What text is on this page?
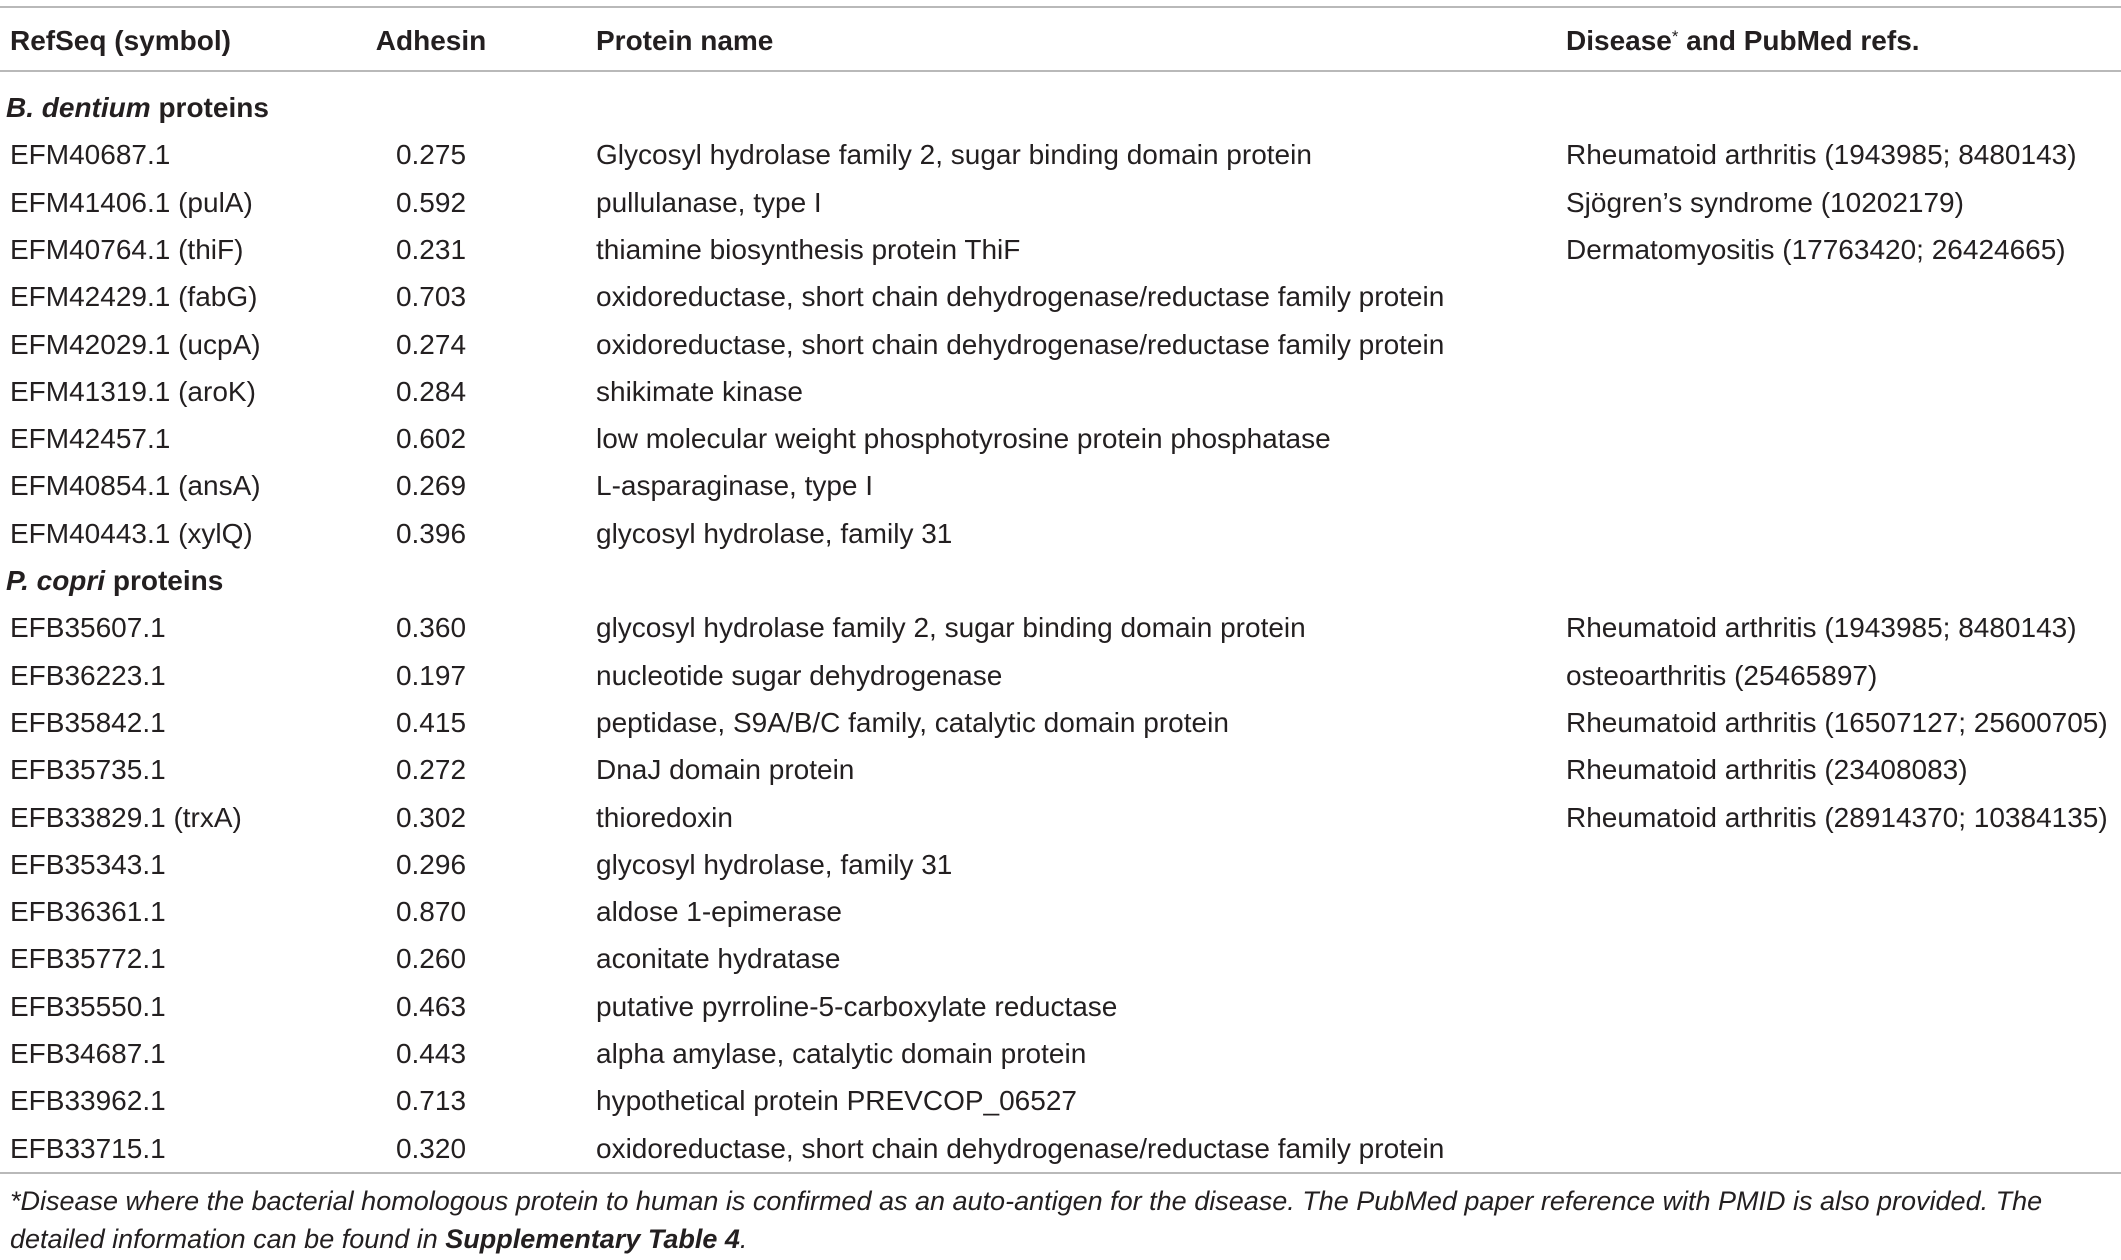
RefSeq (symbol)	Adhesin	Protein name	Disease* and PubMed refs.
B. dentium proteins
EFM40687.1	0.275	Glycosyl hydrolase family 2, sugar binding domain protein	Rheumatoid arthritis (1943985; 8480143)
EFM41406.1 (pulA)	0.592	pullulanase, type I	Sjögren’s syndrome (10202179)
EFM40764.1 (thiF)	0.231	thiamine biosynthesis protein ThiF	Dermatomyositis (17763420; 26424665)
EFM42429.1 (fabG)	0.703	oxidoreductase, short chain dehydrogenase/reductase family protein
EFM42029.1 (ucpA)	0.274	oxidoreductase, short chain dehydrogenase/reductase family protein
EFM41319.1 (aroK)	0.284	shikimate kinase
EFM42457.1	0.602	low molecular weight phosphotyrosine protein phosphatase
EFM40854.1 (ansA)	0.269	L-asparaginase, type I
EFM40443.1 (xylQ)	0.396	glycosyl hydrolase, family 31
P. copri proteins
EFB35607.1	0.360	glycosyl hydrolase family 2, sugar binding domain protein	Rheumatoid arthritis (1943985; 8480143)
EFB36223.1	0.197	nucleotide sugar dehydrogenase	osteoarthritis (25465897)
EFB35842.1	0.415	peptidase, S9A/B/C family, catalytic domain protein	Rheumatoid arthritis (16507127; 25600705)
EFB35735.1	0.272	DnaJ domain protein	Rheumatoid arthritis (23408083)
EFB33829.1 (trxA)	0.302	thioredoxin	Rheumatoid arthritis (28914370; 10384135)
EFB35343.1	0.296	glycosyl hydrolase, family 31
EFB36361.1	0.870	aldose 1-epimerase
EFB35772.1	0.260	aconitate hydratase
EFB35550.1	0.463	putative pyrroline-5-carboxylate reductase
EFB34687.1	0.443	alpha amylase, catalytic domain protein
EFB33962.1	0.713	hypothetical protein PREVCOP_06527
EFB33715.1	0.320	oxidoreductase, short chain dehydrogenase/reductase family protein
*Disease where the bacterial homologous protein to human is confirmed as an auto-antigen for the disease. The PubMed paper reference with PMID is also provided. The detailed information can be found in Supplementary Table 4.
